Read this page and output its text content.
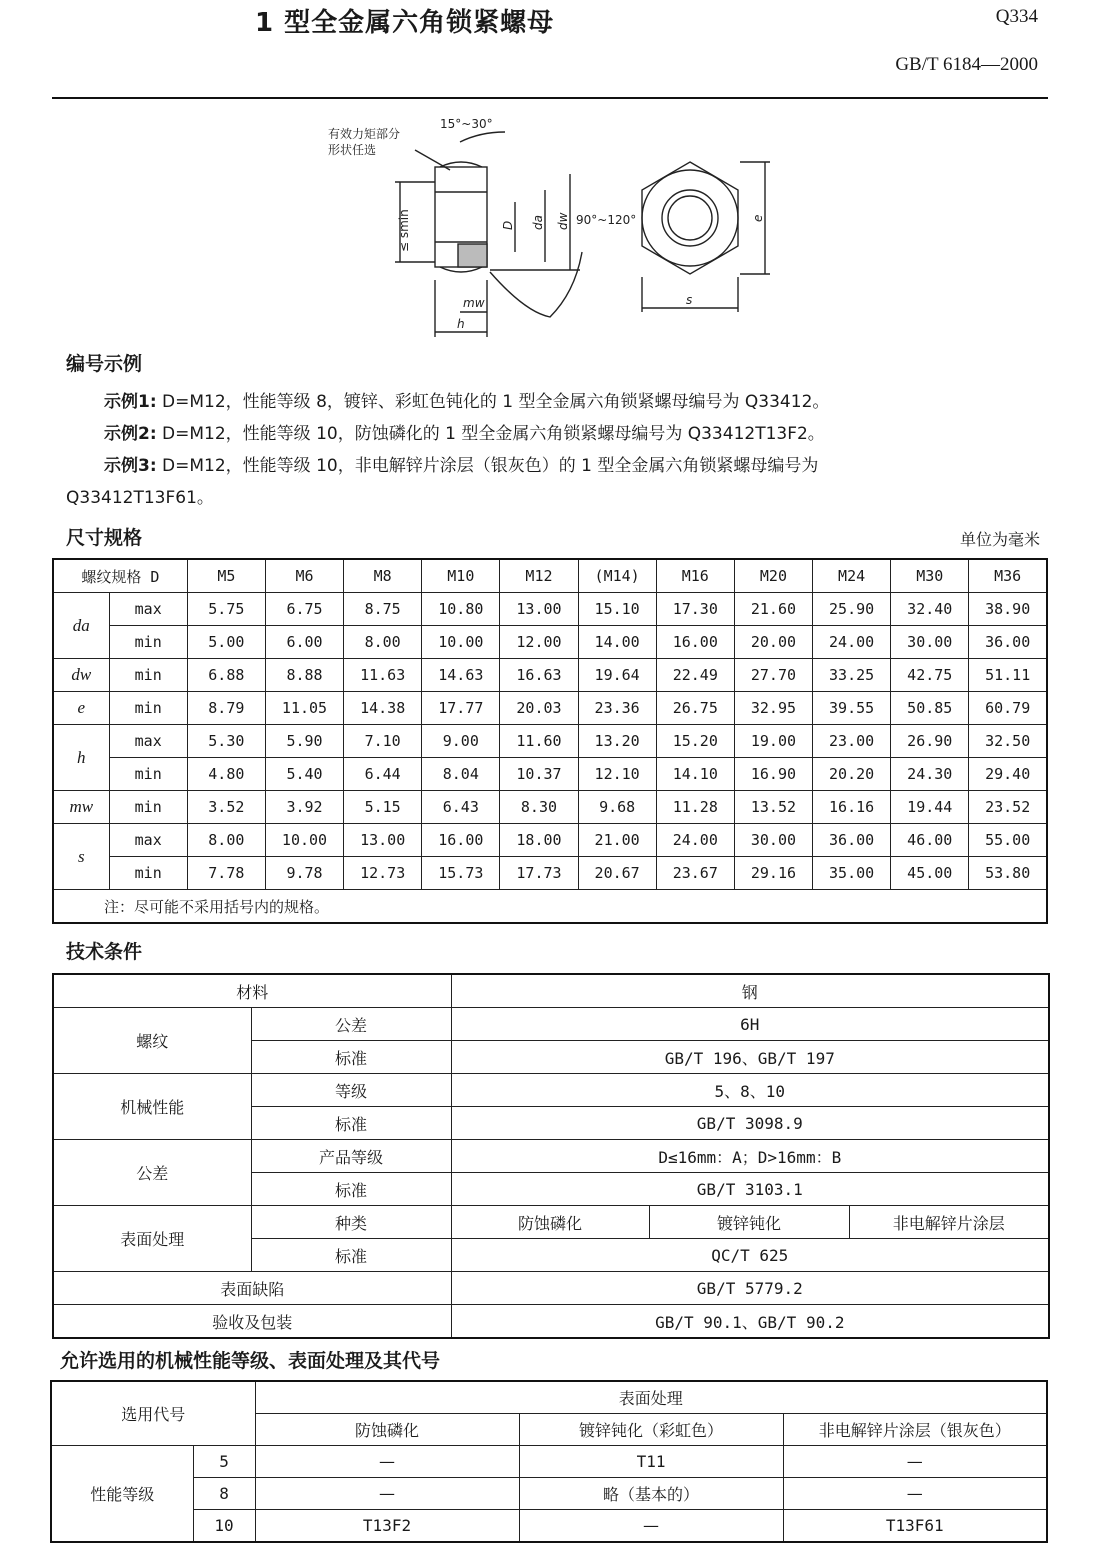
1 型全金属六角锁紧螺母	Q334
GB/T 6184—2000
有效力矩部分
形状任选
15°~30°
90°~120°
≤ smin	D da dw
mw
h
s
e
编号示例
示例1: D=M12，性能等级 8，镀锌、彩虹色钝化的 1 型全金属六角锁紧螺母编号为 Q33412。
示例2: D=M12，性能等级 10，防蚀磷化的 1 型全金属六角锁紧螺母编号为 Q33412T13F2。
示例3: D=M12，性能等级 10，非电解锌片涂层（银灰色）的 1 型全金属六角锁紧螺母编号为
Q33412T13F61。
尺寸规格	单位为毫米
螺纹规格 D		M5	M6	M8	M10	M12	(M14)	M16	M20	M24	M30	M36
da	max	5.75	6.75	8.75	10.80	13.00	15.10	17.30	21.60	25.90	32.40	38.90
	min	5.00	6.00	8.00	10.00	12.00	14.00	16.00	20.00	24.00	30.00	36.00
dw	min	6.88	8.88	11.63	14.63	16.63	19.64	22.49	27.70	33.25	42.75	51.11
e	min	8.79	11.05	14.38	17.77	20.03	23.36	26.75	32.95	39.55	50.85	60.79
h	max	5.30	5.90	7.10	9.00	11.60	13.20	15.20	19.00	23.00	26.90	32.50
	min	4.80	5.40	6.44	8.04	10.37	12.10	14.10	16.90	20.20	24.30	29.40
mw	min	3.52	3.92	5.15	6.43	8.30	9.68	11.28	13.52	16.16	19.44	23.52
s	max	8.00	10.00	13.00	16.00	18.00	21.00	24.00	30.00	36.00	46.00	55.00
	min	7.78	9.78	12.73	15.73	17.73	20.67	23.67	29.16	35.00	45.00	53.80
注：尽可能不采用括号内的规格。												
技术条件
材料		钢		
螺纹	公差	6H		
	标准	GB/T 196、GB/T 197		
机械性能	等级	5、8、10		
	标准	GB/T 3098.9		
公差	产品等级	D≤16mm：A；D>16mm：B		
	标准	GB/T 3103.1		
表面处理	种类	防蚀磷化	镀锌钝化	非电解锌片涂层
	标准	QC/T 625		
表面缺陷		GB/T 5779.2		
验收及包装		GB/T 90.1、GB/T 90.2		
允许选用的机械性能等级、表面处理及其代号
选用代号		表面处理		
		防蚀磷化	镀锌钝化（彩虹色）	非电解锌片涂层（银灰色）
性能等级	5	—	T11	—
	8	—	略（基本的）	—
	10	T13F2	—	T13F61
